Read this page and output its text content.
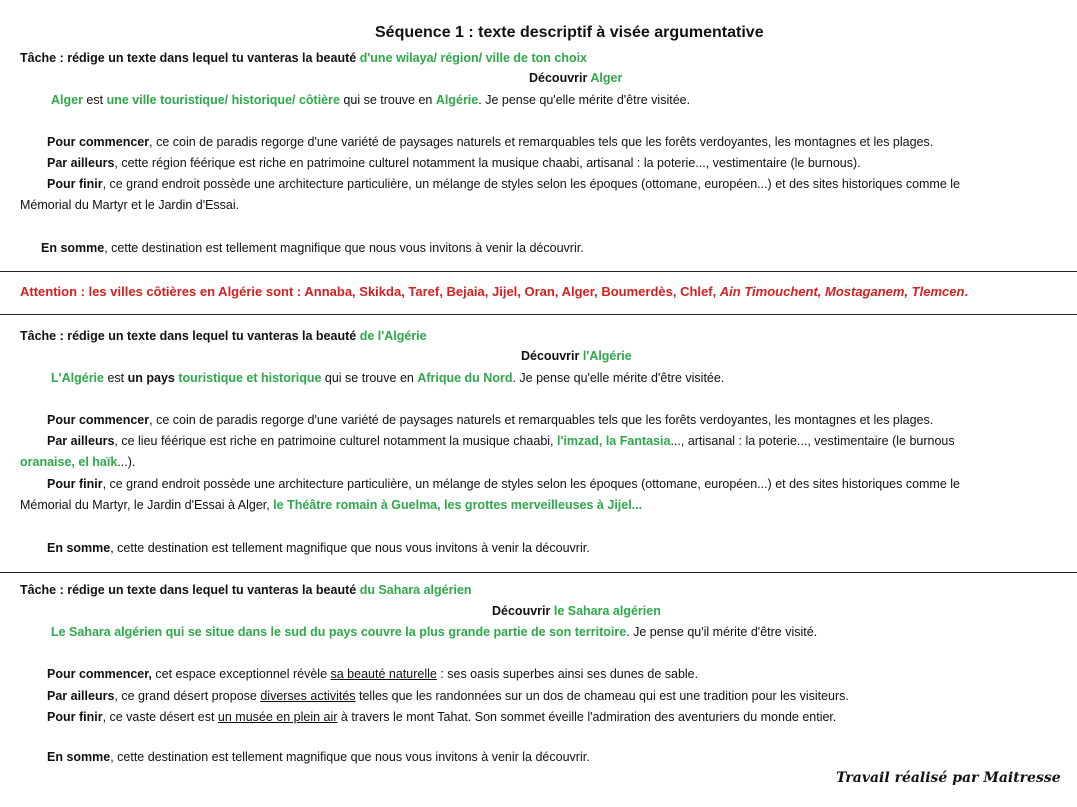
Séquence 1 : texte descriptif à visée argumentative
Tâche : rédige un texte dans lequel tu vanteras la beauté d'une wilaya/ région/ ville de ton choix
Découvrir Alger
Alger est une ville touristique/ historique/ côtière qui se trouve en Algérie. Je pense qu'elle mérite d'être visitée.
Pour commencer, ce coin de paradis regorge d'une variété de paysages naturels et remarquables tels que les forêts verdoyantes, les montagnes et les plages.
Par ailleurs, cette région féérique est riche en patrimoine culturel notamment la musique chaabi, artisanal : la poterie..., vestimentaire (le burnous).
Pour finir, ce grand endroit possède une architecture particulière, un mélange de styles selon les époques (ottomane, européen...) et des sites historiques comme le
Mémorial du Martyr et le Jardin d'Essai.
En somme, cette destination est tellement magnifique que nous vous invitons à venir la découvrir.
Attention : les villes côtières en Algérie sont : Annaba, Skikda, Taref, Bejaia, Jijel, Oran, Alger, Boumerdès, Chlef, Ain Timouchent, Mostaganem, Tlemcen.
Tâche : rédige un texte dans lequel tu vanteras la beauté de l'Algérie
Découvrir l'Algérie
L'Algérie est un pays touristique et historique qui se trouve en Afrique du Nord. Je pense qu'elle mérite d'être visitée.
Pour commencer, ce coin de paradis regorge d'une variété de paysages naturels et remarquables tels que les forêts verdoyantes, les montagnes et les plages.
Par ailleurs, ce lieu féérique est riche en patrimoine culturel notamment la musique chaabi, l'imzad, la Fantasia..., artisanal : la poterie..., vestimentaire (le burnous
oranaise, el haïk...).
Pour finir, ce grand endroit possède une architecture particulière, un mélange de styles selon les époques (ottomane, européen...) et des sites historiques comme le
Mémorial du Martyr, le Jardin d'Essai à Alger, le Théâtre romain à Guelma, les grottes merveilleuses à Jijel...
En somme, cette destination est tellement magnifique que nous vous invitons à venir la découvrir.
Tâche : rédige un texte dans lequel tu vanteras la beauté du Sahara algérien
Découvrir le Sahara algérien
Le Sahara algérien qui se situe dans le sud du pays couvre la plus grande partie de son territoire. Je pense qu'il mérite d'être visité.
Pour commencer, cet espace exceptionnel révèle sa beauté naturelle : ses oasis superbes ainsi ses dunes de sable.
Par ailleurs, ce grand désert propose diverses activités telles que les randonnées sur un dos de chameau qui est une tradition pour les visiteurs.
Pour finir, ce vaste désert est un musée en plein air à travers le mont Tahat. Son sommet éveille l'admiration des aventuriers du monde entier.
En somme, cette destination est tellement magnifique que nous vous invitons à venir la découvrir.
Travail réalisé par Maitresse
